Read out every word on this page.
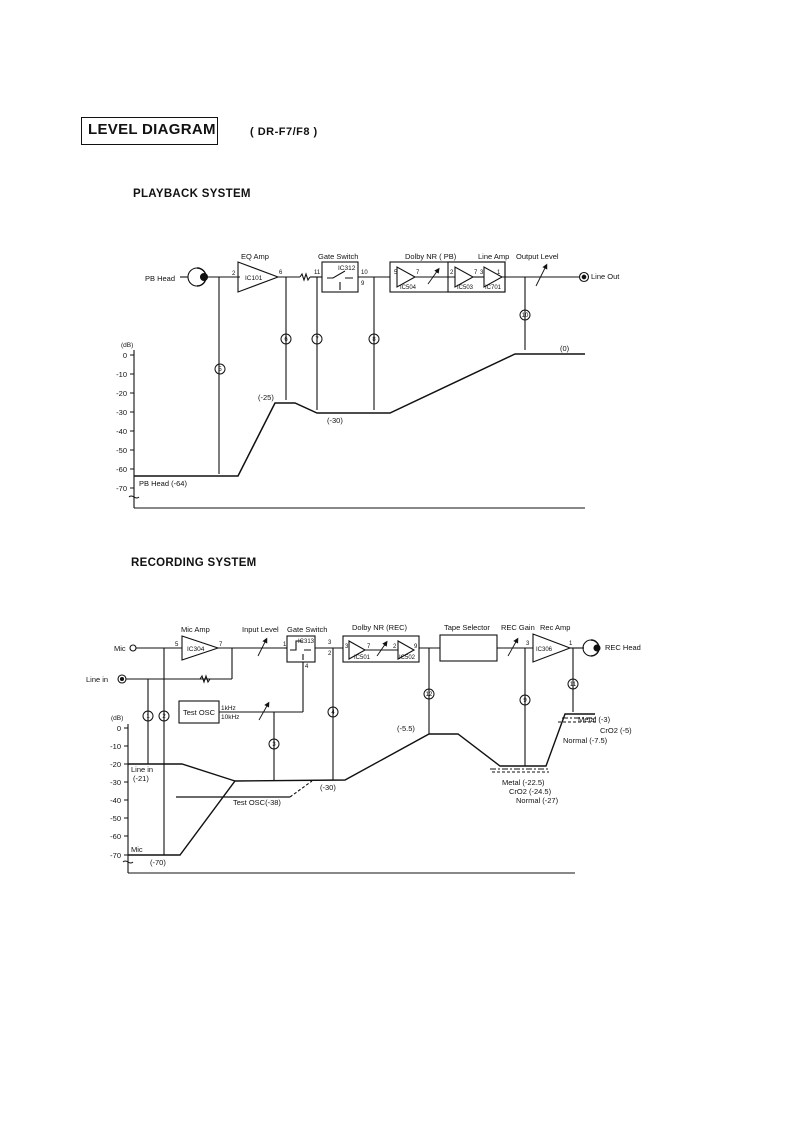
LEVEL DIAGRAM	( DR-F7/F8 )
PLAYBACK SYSTEM
RECORDING SYSTEM
PB Head
EQ Amp
IC101
Gate Switch
IC312
Dolby NR ( PB)	Line Amp Output Level
Line Out
IC504	IC503 IC701
2	6	11	10
9
5	7	2	7 3 1
(dB)
0
-10
-20
-30
-40
-50
-60
-70
(-25)
(-30)
(0)
PB Head (-64)
5
6	7	8
10
Mic
Line in
Mic Amp
IC304
Input Level Gate Switch
IC313
Dolby NR (REC)
IC501	IC502
Tape Selector REC Gain Rec Amp
IC306	REC Head
Test OSC 1kHz
10kHz
5	7	1	3
2
4
3	7	2	9	3	1
(dB)
0
-10
-20
-30
-40
-50
-60
-70
Line in
(-21)
Mic
(-70)
Test OSC(-38)
(-30)
(-5.5)
Metal (-22.5)
CrO2 (-24.5)
Normal (-27)
Metal (-3)
CrO2 (-5)
Normal (-7.5)
1 2
3
4
12
9
11
